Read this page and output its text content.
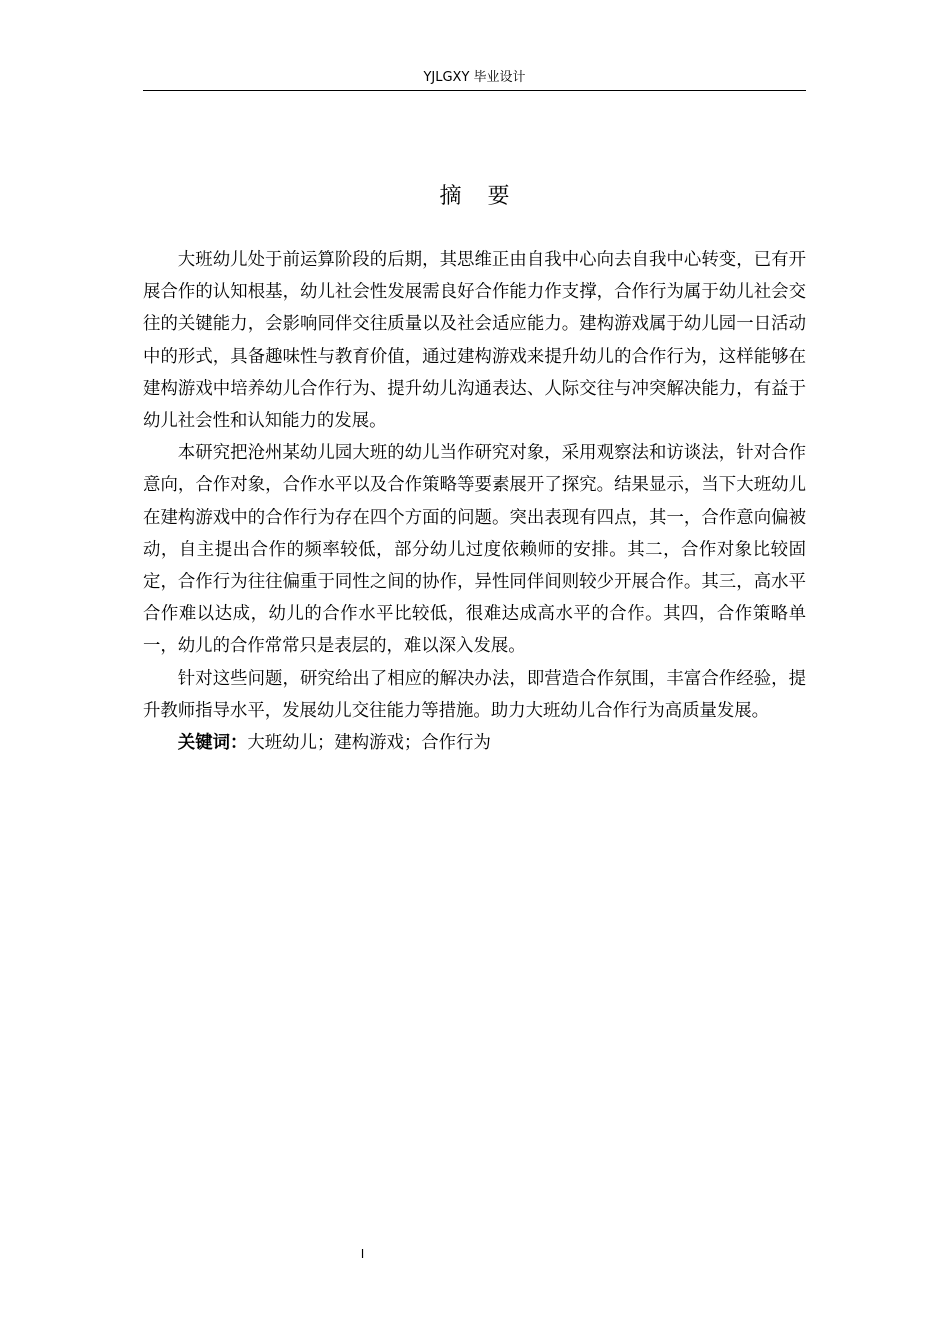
YJLGXY 毕业设计
摘要

大班幼儿处于前运算阶段的后期，其思维正由自我中心向去自我中心转变，已有开展合作的认知根基，幼儿社会性发展需良好合作能力作支撑，合作行为属于幼儿社会交往的关键能力，会影响同伴交往质量以及社会适应能力。建构游戏属于幼儿园一日活动中的形式，具备趣味性与教育价值，通过建构游戏来提升幼儿的合作行为，这样能够在建构游戏中培养幼儿合作行为、提升幼儿沟通表达、人际交往与冲突解决能力，有益于幼儿社会性和认知能力的发展。

本研究把沧州某幼儿园大班的幼儿当作研究对象，采用观察法和访谈法，针对合作意向，合作对象，合作水平以及合作策略等要素展开了探究。结果显示，当下大班幼儿在建构游戏中的合作行为存在四个方面的问题。突出表现有四点，其一，合作意向偏被动，自主提出合作的频率较低，部分幼儿过度依赖师的安排。其二，合作对象比较固定，合作行为往往偏重于同性之间的协作，异性同伴间则较少开展合作。其三，高水平合作难以达成，幼儿的合作水平比较低，很难达成高水平的合作。其四，合作策略单一，幼儿的合作常常只是表层的，难以深入发展。

针对这些问题，研究给出了相应的解决办法，即营造合作氛围，丰富合作经验，提升教师指导水平，发展幼儿交往能力等措施。助力大班幼儿合作行为高质量发展。

关键词：大班幼儿；建构游戏；合作行为

I
